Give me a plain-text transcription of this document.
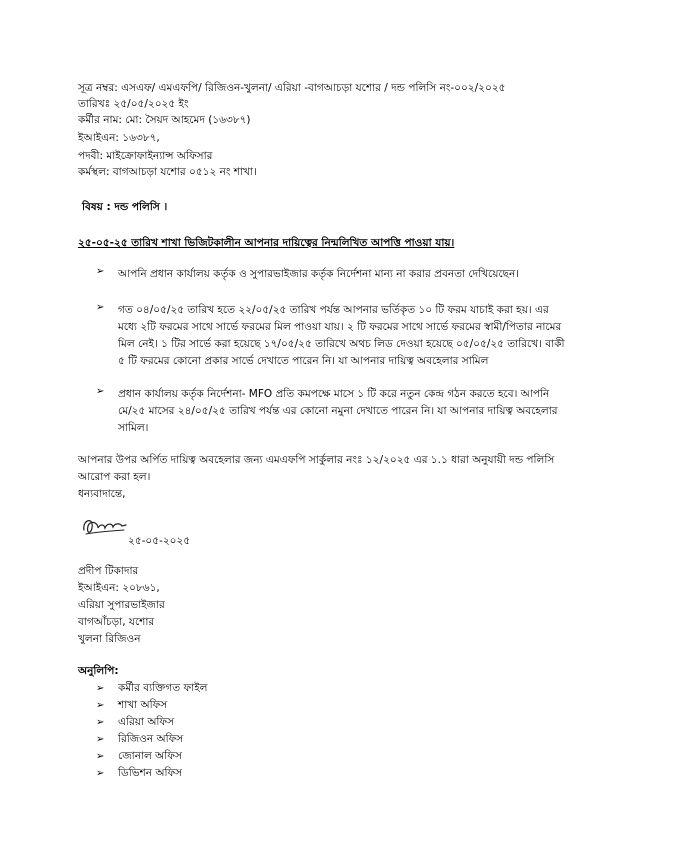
সূত্র নম্বর: এসএফ/ এমএফপি/ রিজিওন-খুলনা/ এরিয়া -বাগআচড়া যশোর / দন্ড পলিসি নং-০০২/২০২৫
তারিখঃ ২৫/০৫/২০২৫ ইং
কর্মীর নাম: মো: সৈয়দ আহমেদ (১৬৩৮৭)
ইআইএন: ১৬৩৮৭,
পদবী: মাইক্রোফাইন্যান্স অফিসার
কর্মস্থল: বাগআচড়া যশোর ০৫১২ নং শাখা।
বিষয় : দন্ড পলিসি ।
২৫-০৫-২৫ তারিখ শাখা ভিজিটকালীন আপনার দায়িত্বের নিন্মলিখিত আপত্তি পাওয়া যায়।
➢ আপনি প্রধান কার্যালয় কর্তৃক ও সুপারভাইজার কর্তৃক নির্দেশনা মান্য না করার প্রবনতা দেখিয়েছেন।
➢ গত ০৪/০৫/২৫ তারিখ হতে ২২/০৫/২৫ তারিখ পর্যন্ত আপনার ভর্তিকৃত ১০ টি ফরম যাচাই করা হয়। এর
মধ্যে ২টি ফরমের সাথে সার্ভে ফরমের মিল পাওয়া যায়। ২ টি ফরমের সাথে সার্ভে ফরমের স্বামী/পিতার নামের
মিল নেই। ১ টির সার্ভে করা হয়েছে ১৭/০৫/২৫ তারিখে অথচ লিড দেওয়া হয়েছে ০৫/০৫/২৫ তারিখে। বাকী
৫ টি ফরমের কোনো প্রকার সার্ভে দেখাতে পারেন নি। যা আপনার দায়িত্ব অবহেলার সামিল
➢ প্রধান কার্যালয় কর্তৃক নির্দেশনা- MFO প্রতি কমপক্ষে মাসে ১ টি করে নতুন কেন্দ্র গঠন করতে হবে। আপনি
মে/২৫ মাসের ২৪/০৫/২৫ তারিখ পর্যন্ত এর কোনো নমুনা দেখাতে পারেন নি। যা আপনার দায়িত্ব অবহেলার
সামিল।
আপনার উপর অর্পিত দায়িত্ব অবহেলার জন্য এমএফপি সার্কুলার নংঃ ১২/২০২৫ এর ১.১ ধারা অনুযায়ী দন্ড পলিসি
আরোপ করা হল।
ধন্যবাদান্তে,
২৫-০৫-২০২৫
প্রদীপ টিকাদার
ইআইএন: ২০৮৬১,
এরিয়া সুপারভাইজার
বাগআঁচড়া, যশোর
খুলনা রিজিওন
অনুলিপি:
➢ কর্মীর ব্যক্তিগত ফাইল
➢ শাখা অফিস
➢ এরিয়া অফিস
➢ রিজিওন অফিস
➢ জোনাল অফিস
➢ ডিভিশন অফিস
